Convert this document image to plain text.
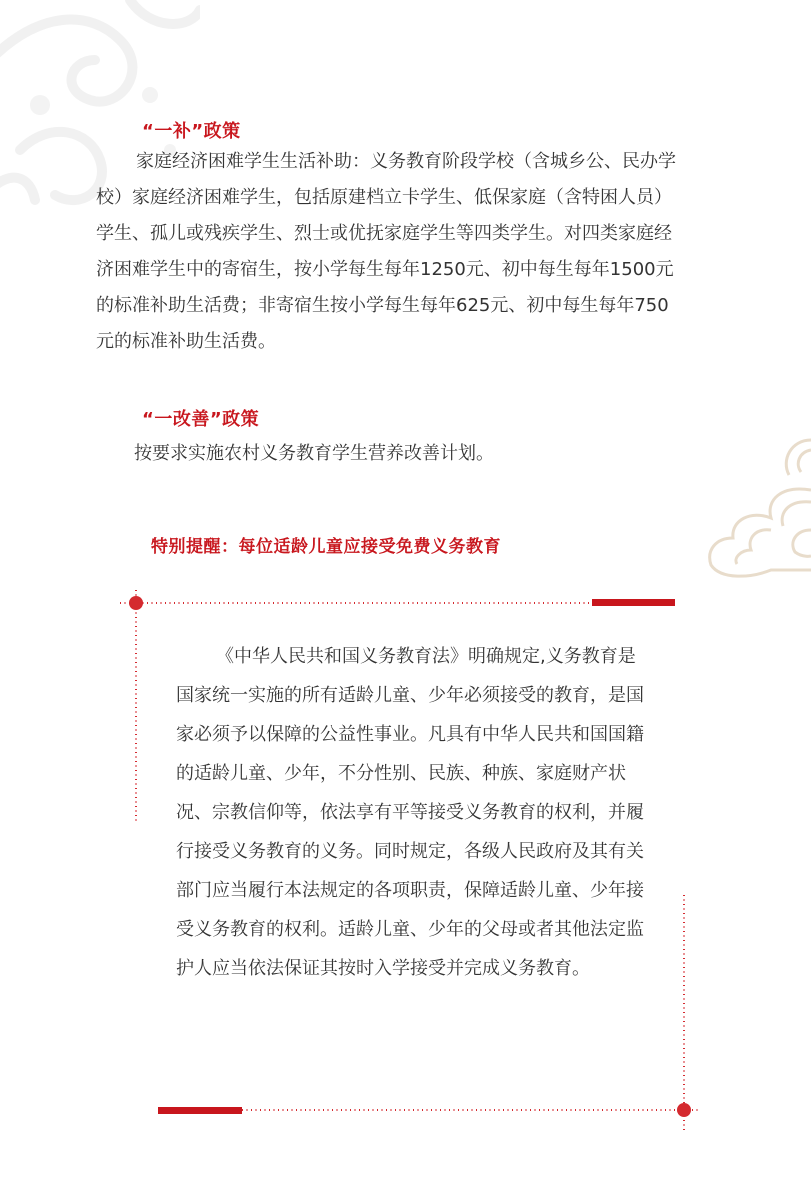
“一补”政策

家庭经济困难学生生活补助：义务教育阶段学校（含城乡公、民办学校）家庭经济困难学生，包括原建档立卡学生、低保家庭（含特困人员）学生、孤儿或残疾学生、烈士或优抚家庭学生等四类学生。对四类家庭经济困难学生中的寄宿生，按小学每生每年1250元、初中每生每年1500元的标准补助生活费；非寄宿生按小学每生每年625元、初中每生每年750元的标准补助生活费。

“一改善”政策

按要求实施农村义务教育学生营养改善计划。

特别提醒：每位适龄儿童应接受免费义务教育

《中华人民共和国义务教育法》明确规定,义务教育是国家统一实施的所有适龄儿童、少年必须接受的教育，是国家必须予以保障的公益性事业。凡具有中华人民共和国国籍的适龄儿童、少年，不分性别、民族、种族、家庭财产状况、宗教信仰等，依法享有平等接受义务教育的权利，并履行接受义务教育的义务。同时规定，各级人民政府及其有关部门应当履行本法规定的各项职责，保障适龄儿童、少年接受义务教育的权利。适龄儿童、少年的父母或者其他法定监护人应当依法保证其按时入学接受并完成义务教育。
